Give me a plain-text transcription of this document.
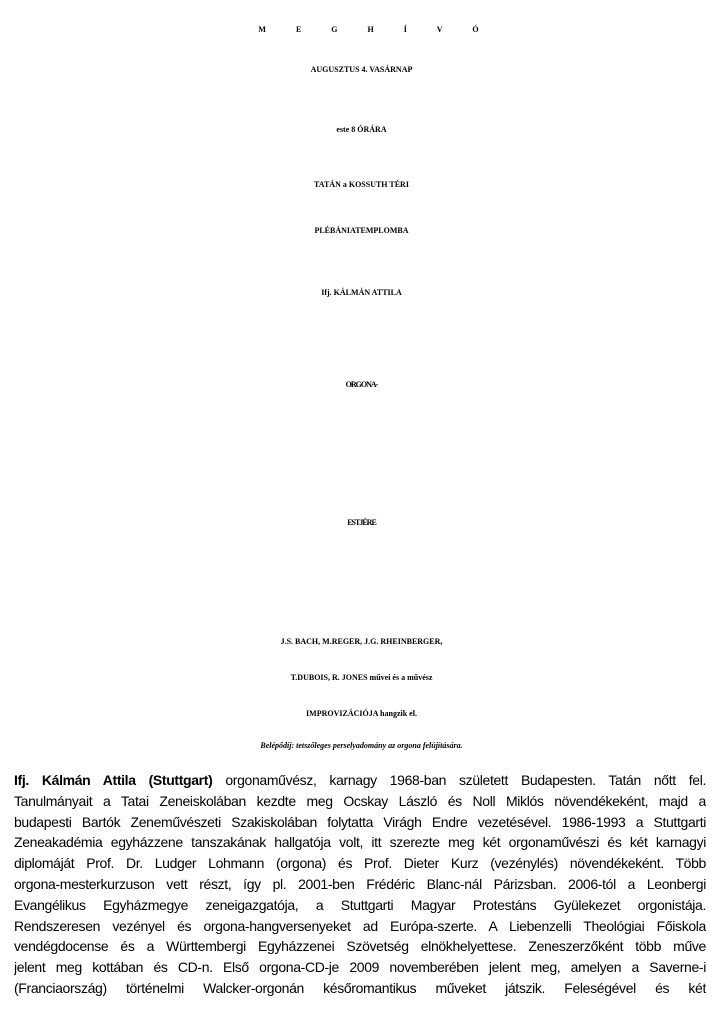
M E G H Í V Ó
AUGUSZTUS 4. VASÁRNAP
este 8 ÓRÁRA
TATÁN a KOSSUTH TÉRI
PLÉBÁNIATEMPLOMBA
Ifj. KÁLMÁN ATTILA
ORGONA-
ESTJÉRE
J.S. BACH, M.REGER, J.G. RHEINBERGER,
T.DUBOIS, R. JONES művei és a művész
IMPROVIZÁCIÓJA hangzik el.
Belépődíj: tetszőleges perselyadomány az orgona felújítására.
Ifj. Kálmán Attila (Stuttgart) orgonaművész, karnagy 1968-ban született Budapesten. Tatán nőtt fel.
Tanulmányait a Tatai Zeneiskolában kezdte meg Ocskay László és Noll Miklós növendékeként, majd a
budapesti Bartók Zeneművészeti Szakiskolában folytatta Virágh Endre vezetésével. 1986-1993 a Stuttgarti
Zeneakadémia egyházzene tanszakának hallgatója volt, itt szerezte meg két orgonaművészi és két karnagyi
diplomáját Prof. Dr. Ludger Lohmann (orgona) és Prof. Dieter Kurz (vezénylés) növendékeként. Több
orgona-mesterkurzuson vett részt, így pl. 2001-ben Frédéric Blanc-nál Párizsban. 2006-tól a Leonbergi
Evangélikus Egyházmegye zeneigazgatója, a Stuttgarti Magyar Protestáns Gyülekezet orgonistája.
Rendszeresen vezényel és orgona-hangversenyeket ad Európa-szerte. A Liebenzelli Theológiai Főiskola
vendégdocense és a Württembergi Egyházzenei Szövetség elnökhelyettese. Zeneszerzőként több műve
jelent meg kottában és CD-n. Első orgona-CD-je 2009 novemberében jelent meg, amelyen a Saverne-i
(Franciaország) történelmi Walcker-orgonán későromantikus műveket játszik. Feleségével és két
